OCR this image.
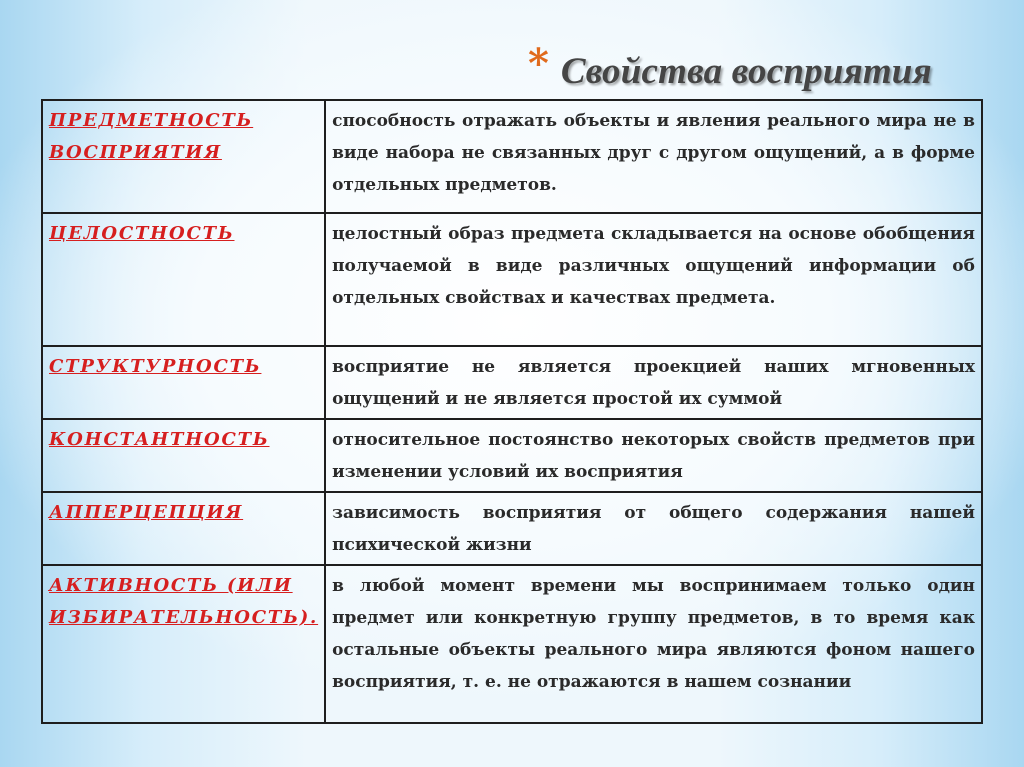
* Свойства восприятия
ПРЕДМЕТНОСТЬ ВОСПРИЯТИЯ	способность отражать объекты и явления реального мира не в виде набора не связанных друг с другом ощущений, а в форме отдельных предметов.
ЦЕЛОСТНОСТЬ	целостный образ предмета складывается на основе обобщения получаемой в виде различных ощущений информации об отдельных свойствах и качествах предмета.
СТРУКТУРНОСТЬ	восприятие не является проекцией наших мгновенных ощущений и не является простой их суммой
КОНСТАНТНОСТЬ	относительное постоянство некоторых свойств предметов при изменении условий их восприятия
АППЕРЦЕПЦИЯ	зависимость восприятия от общего содержания нашей психической жизни
АКТИВНОСТЬ (ИЛИ ИЗБИРАТЕЛЬНОСТЬ).	в любой момент времени мы воспринимаем только один предмет или конкретную группу предметов, в то время как остальные объекты реального мира являются фоном нашего восприятия, т. е. не отражаются в нашем сознании
